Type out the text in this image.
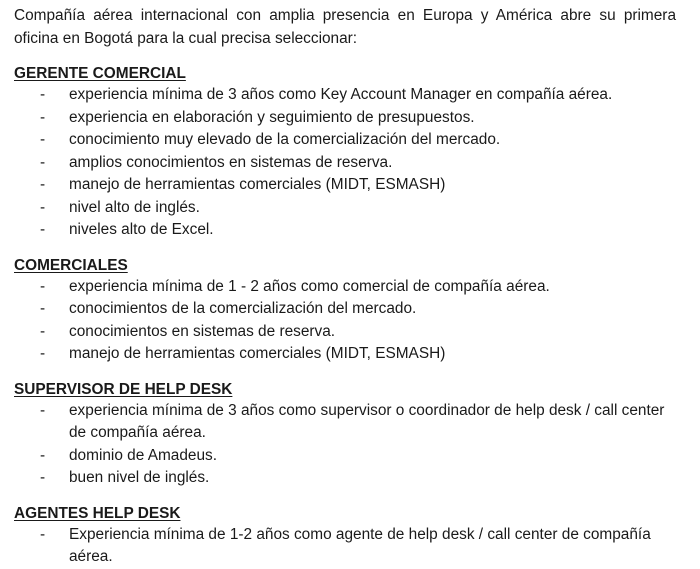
Compañía aérea internacional con amplia presencia en Europa y América abre su primera oficina en Bogotá para la cual precisa seleccionar:

GERENTE COMERCIAL
- experiencia mínima de 3 años como Key Account Manager en compañía aérea.
- experiencia en elaboración y seguimiento de presupuestos.
- conocimiento muy elevado de la comercialización del mercado.
- amplios conocimientos en sistemas de reserva.
- manejo de herramientas comerciales (MIDT, ESMASH)
- nivel alto de inglés.
- niveles alto de Excel.
COMERCIALES
- experiencia mínima de 1 - 2 años como comercial de compañía aérea.
- conocimientos de la comercialización del mercado.
- conocimientos en sistemas de reserva.
- manejo de herramientas comerciales (MIDT, ESMASH)
SUPERVISOR DE HELP DESK
- experiencia mínima de 3 años como supervisor o coordinador de help desk / call center de compañía aérea.
- dominio de Amadeus.
- buen nivel de inglés.
AGENTES HELP DESK
- Experiencia mínima de 1-2 años como agente de help desk / call center de compañía aérea.
